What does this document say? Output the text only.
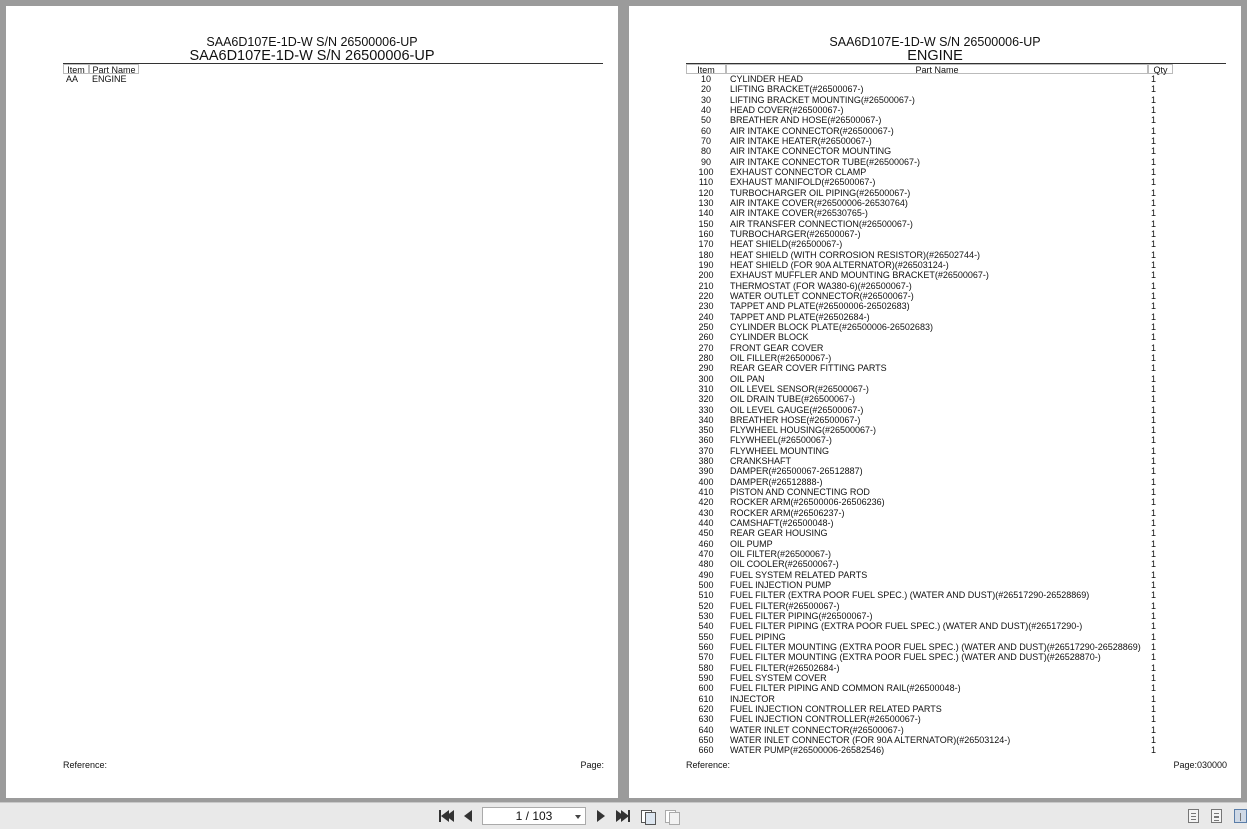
SAA6D107E-1D-W S/N 26500006-UP
SAA6D107E-1D-W S/N 26500006-UP
Item Part Name
AA ENGINE
Reference:	Page:
SAA6D107E-1D-W S/N 26500006-UP
ENGINE
Item	Part Name	Qty
10	CYLINDER HEAD	1
20	LIFTING BRACKET(#26500067-)	1
30	LIFTING BRACKET MOUNTING(#26500067-)	1
40	HEAD COVER(#26500067-)	1
50	BREATHER AND HOSE(#26500067-)	1
60	AIR INTAKE CONNECTOR(#26500067-)	1
70	AIR INTAKE HEATER(#26500067-)	1
80	AIR INTAKE CONNECTOR MOUNTING	1
90	AIR INTAKE CONNECTOR TUBE(#26500067-)	1
100	EXHAUST CONNECTOR CLAMP	1
110	EXHAUST MANIFOLD(#26500067-)	1
120	TURBOCHARGER OIL PIPING(#26500067-)	1
130	AIR INTAKE COVER(#26500006-26530764)	1
140	AIR INTAKE COVER(#26530765-)	1
150	AIR TRANSFER CONNECTION(#26500067-)	1
160	TURBOCHARGER(#26500067-)	1
170	HEAT SHIELD(#26500067-)	1
180	HEAT SHIELD (WITH CORROSION RESISTOR)(#26502744-)	1
190	HEAT SHIELD (FOR 90A ALTERNATOR)(#26503124-)	1
200	EXHAUST MUFFLER AND MOUNTING BRACKET(#26500067-)	1
210	THERMOSTAT (FOR WA380-6)(#26500067-)	1
220	WATER OUTLET CONNECTOR(#26500067-)	1
230	TAPPET AND PLATE(#26500006-26502683)	1
240	TAPPET AND PLATE(#26502684-)	1
250	CYLINDER BLOCK PLATE(#26500006-26502683)	1
260	CYLINDER BLOCK	1
270	FRONT GEAR COVER	1
280	OIL FILLER(#26500067-)	1
290	REAR GEAR COVER FITTING PARTS	1
300	OIL PAN	1
310	OIL LEVEL SENSOR(#26500067-)	1
320	OIL DRAIN TUBE(#26500067-)	1
330	OIL LEVEL GAUGE(#26500067-)	1
340	BREATHER HOSE(#26500067-)	1
350	FLYWHEEL HOUSING(#26500067-)	1
360	FLYWHEEL(#26500067-)	1
370	FLYWHEEL MOUNTING	1
380	CRANKSHAFT	1
390	DAMPER(#26500067-26512887)	1
400	DAMPER(#26512888-)	1
410	PISTON AND CONNECTING ROD	1
420	ROCKER ARM(#26500006-26506236)	1
430	ROCKER ARM(#26506237-)	1
440	CAMSHAFT(#26500048-)	1
450	REAR GEAR HOUSING	1
460	OIL PUMP	1
470	OIL FILTER(#26500067-)	1
480	OIL COOLER(#26500067-)	1
490	FUEL SYSTEM RELATED PARTS	1
500	FUEL INJECTION PUMP	1
510	FUEL FILTER (EXTRA POOR FUEL SPEC.) (WATER AND DUST)(#26517290-26528869)	1
520	FUEL FILTER(#26500067-)	1
530	FUEL FILTER PIPING(#26500067-)	1
540	FUEL FILTER PIPING (EXTRA POOR FUEL SPEC.) (WATER AND DUST)(#26517290-)	1
550	FUEL PIPING	1
560	FUEL FILTER MOUNTING (EXTRA POOR FUEL SPEC.) (WATER AND DUST)(#26517290-26528869) 1
570	FUEL FILTER MOUNTING (EXTRA POOR FUEL SPEC.) (WATER AND DUST)(#26528870-)	1
580	FUEL FILTER(#26502684-)	1
590	FUEL SYSTEM COVER	1
600	FUEL FILTER PIPING AND COMMON RAIL(#26500048-)	1
610	INJECTOR	1
620	FUEL INJECTION CONTROLLER RELATED PARTS	1
630	FUEL INJECTION CONTROLLER(#26500067-)	1
640	WATER INLET CONNECTOR(#26500067-)	1
650	WATER INLET CONNECTOR (FOR 90A ALTERNATOR)(#26503124-)	1
660	WATER PUMP(#26500006-26582546)	1
Reference:	Page:030000
1 / 103
